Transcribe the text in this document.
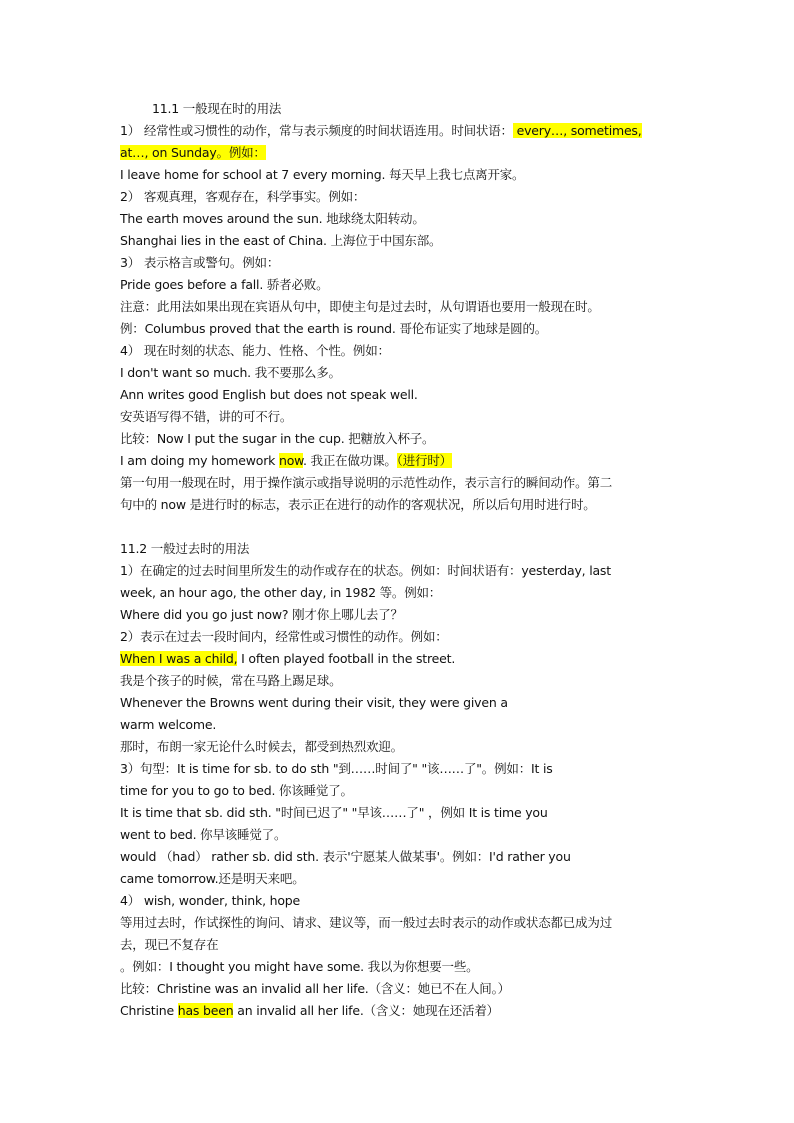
11.1 一般现在时的用法
1） 经常性或习惯性的动作，常与表示频度的时间状语连用。时间状语： every…, sometimes,
at…, on Sunday。例如：
I leave home for school at 7 every morning. 每天早上我七点离开家。
2） 客观真理，客观存在，科学事实。例如：
The earth moves around the sun. 地球绕太阳转动。
Shanghai lies in the east of China. 上海位于中国东部。
3） 表示格言或警句。例如：
Pride goes before a fall. 骄者必败。
注意：此用法如果出现在宾语从句中，即使主句是过去时，从句谓语也要用一般现在时。
例：Columbus proved that the earth is round. 哥伦布证实了地球是圆的。
4） 现在时刻的状态、能力、性格、个性。例如：
I don't want so much. 我不要那么多。
Ann writes good English but does not speak well.
安英语写得不错，讲的可不行。
比较：Now I put the sugar in the cup. 把糖放入杯子。
I am doing my homework now. 我正在做功课。（进行时）
第一句用一般现在时，用于操作演示或指导说明的示范性动作，表示言行的瞬间动作。第二
句中的 now 是进行时的标志，表示正在进行的动作的客观状况，所以后句用时进行时。
11.2 一般过去时的用法
1）在确定的过去时间里所发生的动作或存在的状态。例如：时间状语有：yesterday, last
week, an hour ago, the other day, in 1982 等。例如：
Where did you go just now? 刚才你上哪儿去了？
2）表示在过去一段时间内，经常性或习惯性的动作。例如：
When I was a child, I often played football in the street.
我是个孩子的时候，常在马路上踢足球。
Whenever the Browns went during their visit, they were given a
warm welcome.
那时，布朗一家无论什么时候去，都受到热烈欢迎。
3）句型：It is time for sb. to do sth "到……时间了" "该……了"。例如：It is
time for you to go to bed. 你该睡觉了。
It is time that sb. did sth. "时间已迟了" "早该……了" ，例如 It is time you
went to bed. 你早该睡觉了。
would （had） rather sb. did sth. 表示'宁愿某人做某事'。例如：I'd rather you
came tomorrow.还是明天来吧。
4） wish, wonder, think, hope
等用过去时，作试探性的询问、请求、建议等，而一般过去时表示的动作或状态都已成为过
去，现已不复存在
。例如：I thought you might have some. 我以为你想要一些。
比较：Christine was an invalid all her life.（含义：她已不在人间。）
Christine has been an invalid all her life.（含义：她现在还活着）
